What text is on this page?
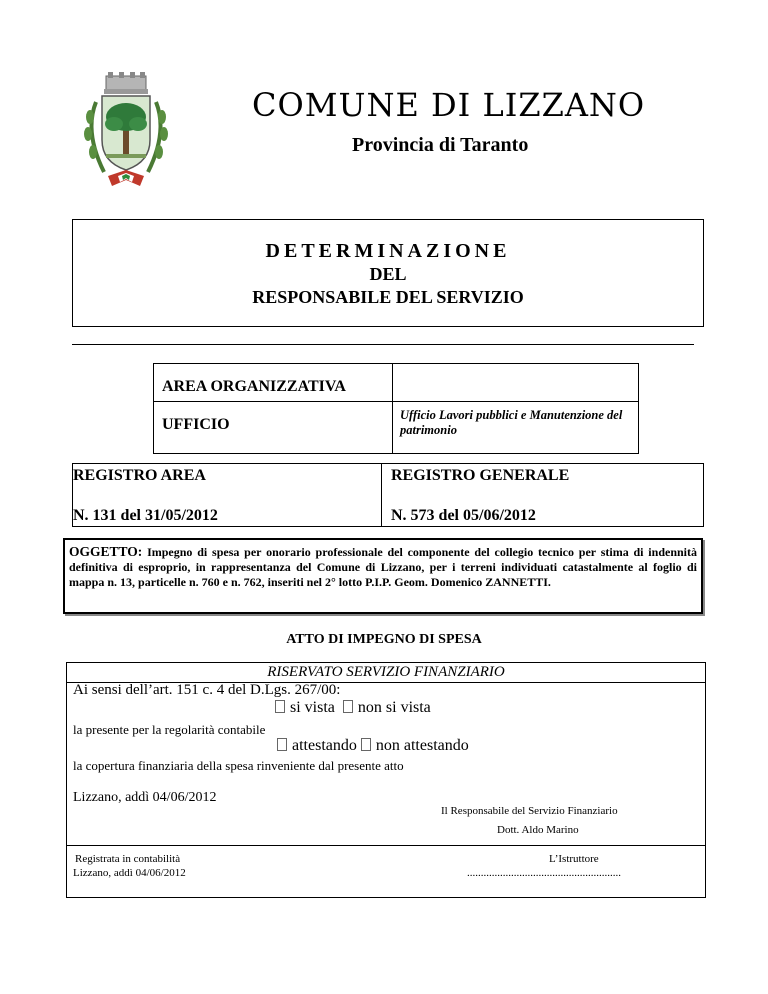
COMUNE DI LIZZANO
Provincia di Taranto
DETERMINAZIONE
DEL
RESPONSABILE DEL SERVIZIO
AREA ORGANIZZATIVA
UFFICIO
Ufficio Lavori pubblici e Manutenzione del patrimonio
REGISTRO AREA	REGISTRO GENERALE
N. 131 del 31/05/2012	N. 573 del 05/06/2012
OGGETTO: Impegno di spesa per onorario professionale del componente del collegio tecnico per stima di indennità definitiva di esproprio, in rappresentanza del Comune di Lizzano, per i terreni individuati catastalmente al foglio di mappa n. 13, particelle n. 760 e n. 762, inseriti nel 2° lotto P.I.P. Geom. Domenico ZANNETTI.
ATTO DI IMPEGNO DI SPESA
RISERVATO SERVIZIO FINANZIARIO
Ai sensi dell’art. 151 c. 4 del D.Lgs. 267/00:
si vista non si vista
la presente per la regolarità contabile
attestando non attestando
la copertura finanziaria della spesa rinveniente dal presente atto
Lizzano, addì 04/06/2012
Il Responsabile del Servizio Finanziario
Dott. Aldo Marino
Registrata in contabilità
Lizzano, addì 04/06/2012
L’Istruttore
........................................................
